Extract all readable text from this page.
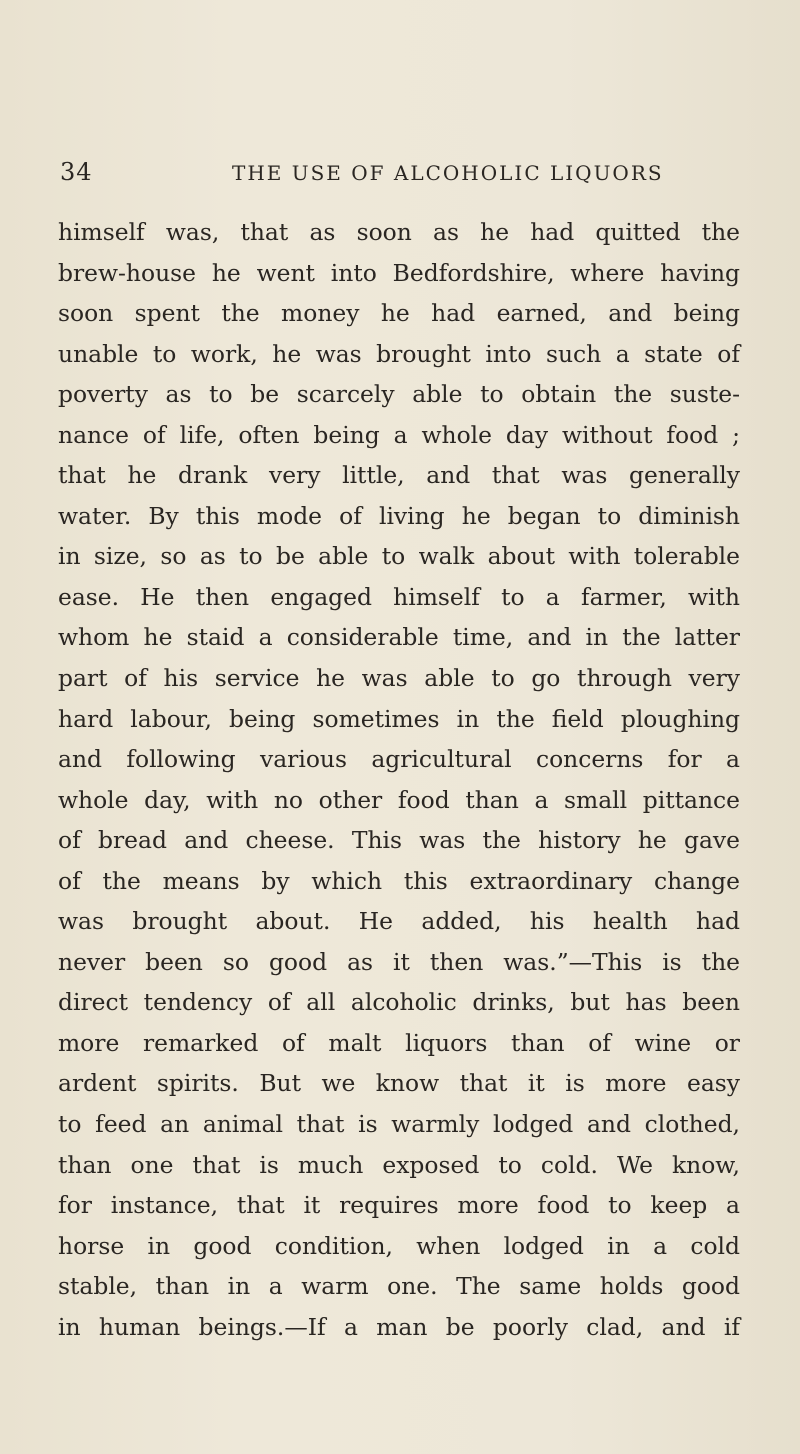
34	THE USE OF ALCOHOLIC LIQUORS
himself was, that as soon as he had quitted the
brew-house he went into Bedfordshire, where having
soon spent the money he had earned, and being
unable to work, he was brought into such a state of
poverty as to be scarcely able to obtain the suste-
nance of life, often being a whole day without food ;
that he drank very little, and that was generally
water. By this mode of living he began to diminish
in size, so as to be able to walk about with tolerable
ease. He then engaged himself to a farmer, with
whom he staid a considerable time, and in the latter
part of his service he was able to go through very
hard labour, being sometimes in the field ploughing
and following various agricultural concerns for a
whole day, with no other food than a small pittance
of bread and cheese. This was the history he gave
of the means by which this extraordinary change
was brought about. He added, his health had
never been so good as it then was.”—This is the
direct tendency of all alcoholic drinks, but has been
more remarked of malt liquors than of wine or
ardent spirits. But we know that it is more easy
to feed an animal that is warmly lodged and clothed,
than one that is much exposed to cold. We know,
for instance, that it requires more food to keep a
horse in good condition, when lodged in a cold
stable, than in a warm one. The same holds good
in human beings.—If a man be poorly clad, and if
